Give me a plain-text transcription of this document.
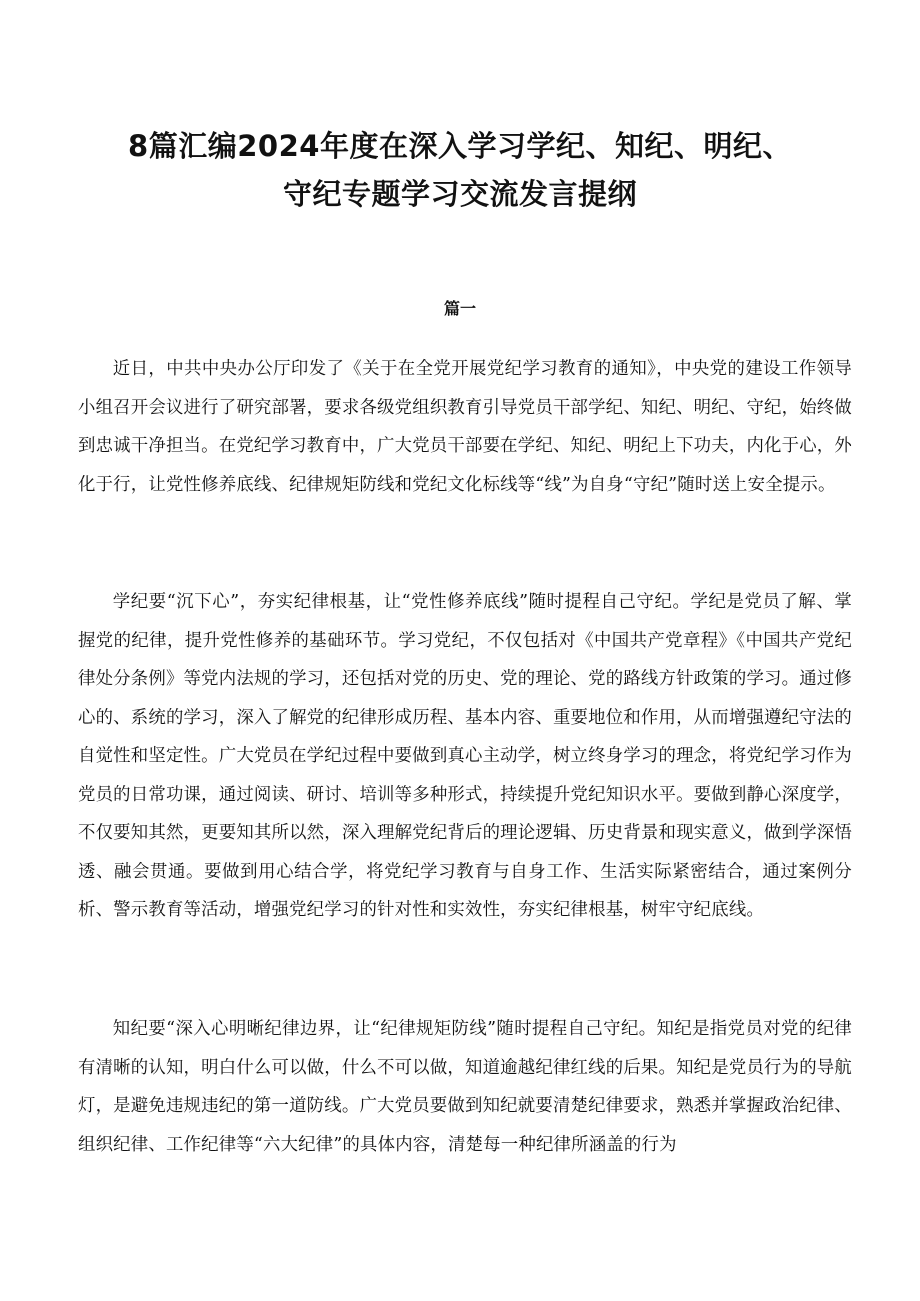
8篇汇编2024年度在深入学习学纪、知纪、明纪、
守纪专题学习交流发言提纲
篇一

近日，中共中央办公厅印发了《关于在全党开展党纪学习教育的通知》，中央党的建设工作领导小组召开会议进行了研究部署，要求各级党组织教育引导党员干部学纪、知纪、明纪、守纪，始终做到忠诚干净担当。在党纪学习教育中，广大党员干部要在学纪、知纪、明纪上下功夫，内化于心，外化于行，让党性修养底线、纪律规矩防线和党纪文化标线等“线”为自身“守纪”随时送上安全提示。

学纪要“沉下心”，夯实纪律根基，让“党性修养底线”随时提程自己守纪。学纪是党员了解、掌握党的纪律，提升党性修养的基础环节。学习党纪，不仅包括对《中国共产党章程》《中国共产党纪律处分条例》等党内法规的学习，还包括对党的历史、党的理论、党的路线方针政策的学习。通过修心的、系统的学习，深入了解党的纪律形成历程、基本内容、重要地位和作用，从而增强遵纪守法的自觉性和坚定性。广大党员在学纪过程中要做到真心主动学，树立终身学习的理念，将党纪学习作为党员的日常功课，通过阅读、研讨、培训等多种形式，持续提升党纪知识水平。要做到静心深度学，不仅要知其然，更要知其所以然，深入理解党纪背后的理论逻辑、历史背景和现实意义，做到学深悟透、融会贯通。要做到用心结合学，将党纪学习教育与自身工作、生活实际紧密结合，通过案例分析、警示教育等活动，增强党纪学习的针对性和实效性，夯实纪律根基，树牢守纪底线。

知纪要“深入心明晰纪律边界，让“纪律规矩防线”随时提程自己守纪。知纪是指党员对党的纪律有清晰的认知，明白什么可以做，什么不可以做，知道逾越纪律红线的后果。知纪是党员行为的导航灯，是避免违规违纪的第一道防线。广大党员要做到知纪就要清楚纪律要求，熟悉并掌握政治纪律、组织纪律、工作纪律等“六大纪律”的具体内容，清楚每一种纪律所涵盖的行为
